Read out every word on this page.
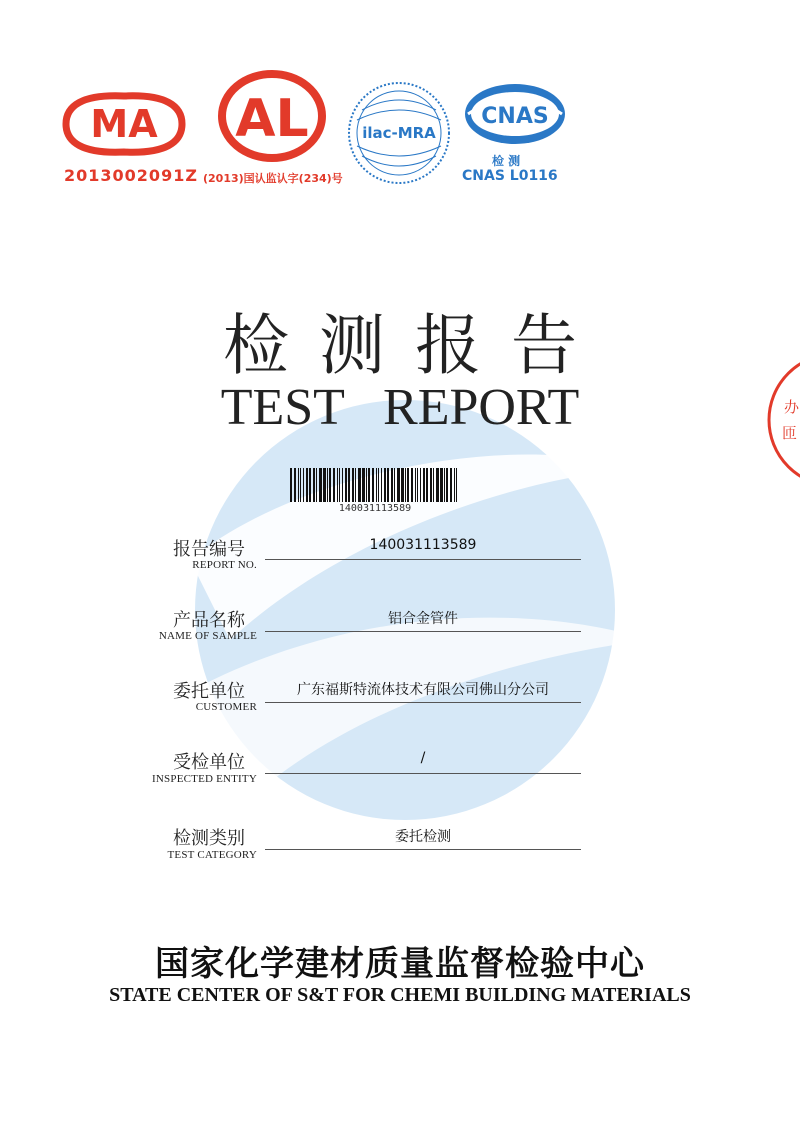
办
匝
MA
2013002091Z
AL
(2013)国认监认字(234)号
ilac-MRA
CNAS
检 测
CNAS L0116
检测报告
TEST REPORT
140031113589
报告编号
REPORT NO.
140031113589
产品名称
NAME OF SAMPLE
铝合金管件
委托单位
CUSTOMER
广东福斯特流体技术有限公司佛山分公司
受检单位
INSPECTED ENTITY
/
检测类别
TEST CATEGORY
委托检测
国家化学建材质量监督检验中心
STATE CENTER OF S&T FOR CHEMI BUILDING MATERIALS
